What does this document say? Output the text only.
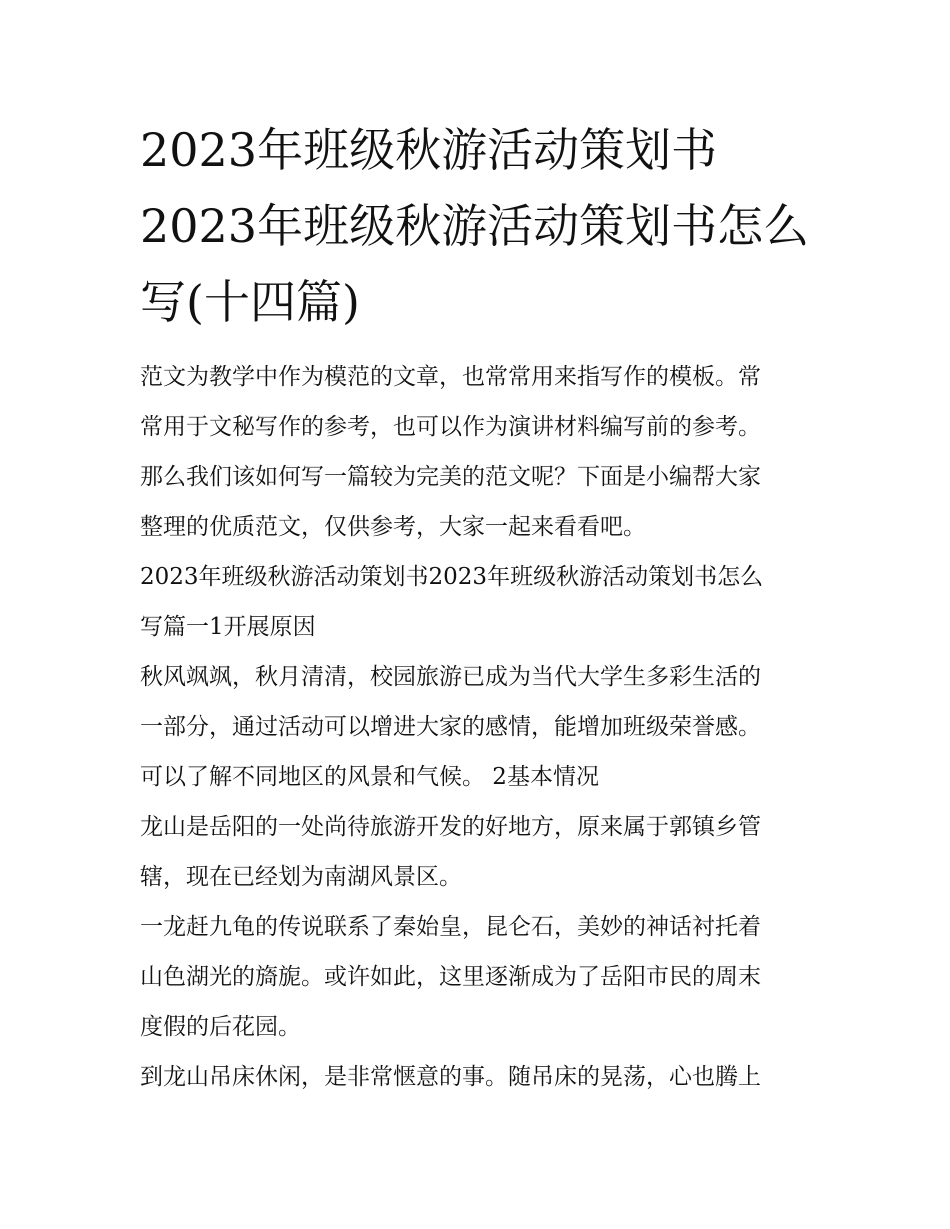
2023年班级秋游活动策划书2023年班级秋游活动策划书怎么写(十四篇)
范文为教学中作为模范的文章，也常常用来指写作的模板。常
常用于文秘写作的参考，也可以作为演讲材料编写前的参考。
那么我们该如何写一篇较为完美的范文呢？下面是小编帮大家
整理的优质范文，仅供参考，大家一起来看看吧。
2023年班级秋游活动策划书2023年班级秋游活动策划书怎么
写篇一1开展原因
秋风飒飒，秋月清清，校园旅游已成为当代大学生多彩生活的
一部分，通过活动可以增进大家的感情，能增加班级荣誉感。
可以了解不同地区的风景和气候。 2基本情况
龙山是岳阳的一处尚待旅游开发的好地方，原来属于郭镇乡管
辖，现在已经划为南湖风景区。
一龙赶九龟的传说联系了秦始皇，昆仑石，美妙的神话衬托着
山色湖光的旖旎。或许如此，这里逐渐成为了岳阳市民的周末
度假的后花园。
到龙山吊床休闲，是非常惬意的事。随吊床的晃荡，心也腾上
